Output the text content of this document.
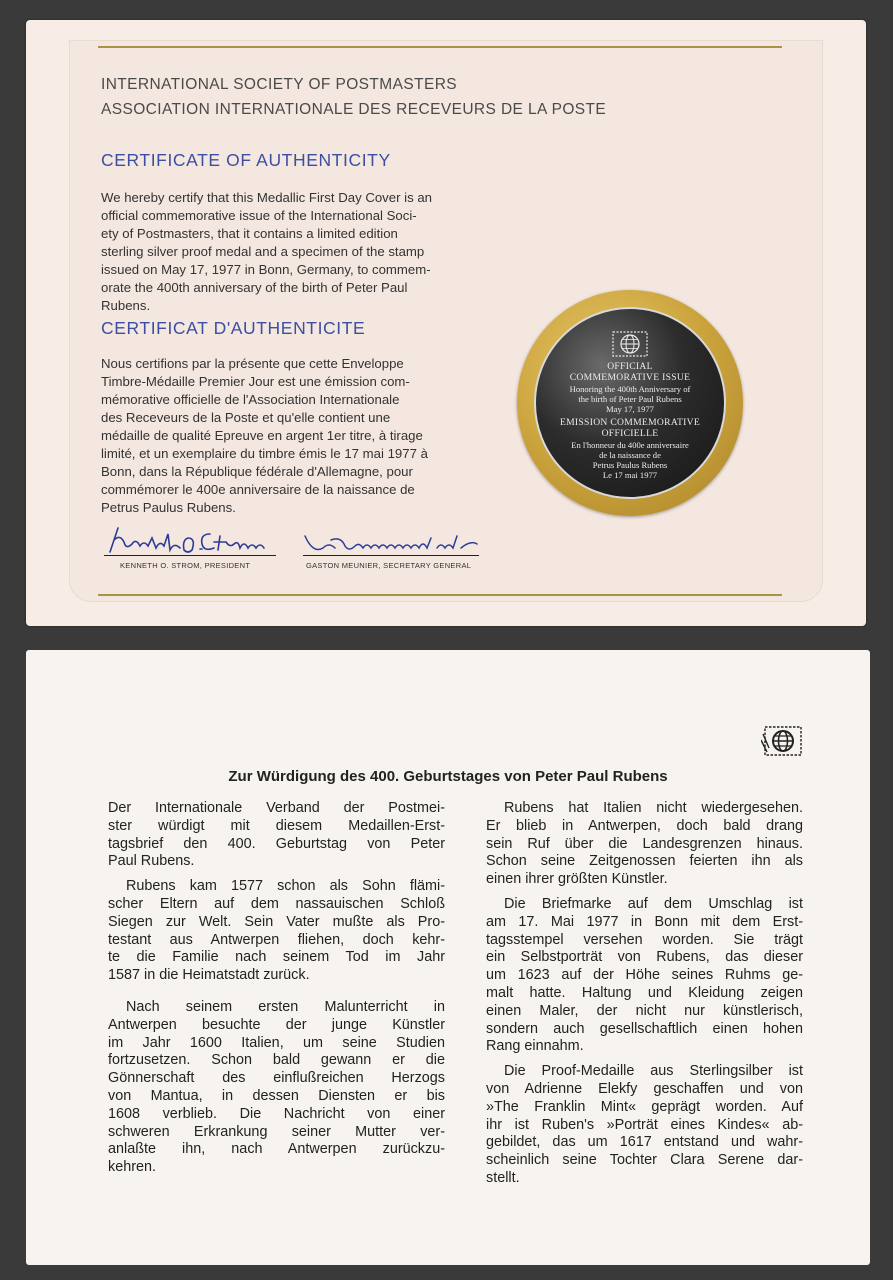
INTERNATIONAL SOCIETY OF POSTMASTERS
ASSOCIATION INTERNATIONALE DES RECEVEURS DE LA POSTE
CERTIFICATE OF AUTHENTICITY
We hereby certify that this Medallic First Day Cover is an
official commemorative issue of the International Soci-
ety of Postmasters, that it contains a limited edition
sterling silver proof medal and a specimen of the stamp
issued on May 17, 1977 in Bonn, Germany, to commem-
orate the 400th anniversary of the birth of Peter Paul
Rubens.
CERTIFICAT D'AUTHENTICITE
Nous certifions par la présente que cette Enveloppe
Timbre-Médaille Premier Jour est une émission com-
mémorative officielle de l'Association Internationale
des Receveurs de la Poste et qu'elle contient une
médaille de qualité Epreuve en argent 1er titre, à tirage
limité, et un exemplaire du timbre émis le 17 mai 1977 à
Bonn, dans la République fédérale d'Allemagne, pour
commémorer le 400e anniversaire de la naissance de
Petrus Paulus Rubens.
OFFICIAL
COMMEMORATIVE ISSUE
Honoring the 400th Anniversary of
the birth of Peter Paul Rubens
May 17, 1977
EMISSION COMMEMORATIVE
OFFICIELLE
En l'honneur du 400e anniversaire
de la naissance de
Petrus Paulus Rubens
Le 17 mai 1977
KENNETH O. STROM, PRESIDENT	GASTON MEUNIER, SECRETARY GENERAL
Zur Würdigung des 400. Geburtstages von Peter Paul Rubens
Der Internationale Verband der Postmei-
ster würdigt mit diesem Medaillen-Erst-
tagsbrief den 400. Geburtstag von Peter
Paul Rubens.
Rubens kam 1577 schon als Sohn flämi-
scher Eltern auf dem nassauischen Schloß
Siegen zur Welt. Sein Vater mußte als Pro-
testant aus Antwerpen fliehen, doch kehr-
te die Familie nach seinem Tod im Jahr
1587 in die Heimatstadt zurück.
Nach seinem ersten Malunterricht in
Antwerpen besuchte der junge Künstler
im Jahr 1600 Italien, um seine Studien
fortzusetzen. Schon bald gewann er die
Gönnerschaft des einflußreichen Herzogs
von Mantua, in dessen Diensten er bis
1608 verblieb. Die Nachricht von einer
schweren Erkrankung seiner Mutter ver-
anlaßte ihn, nach Antwerpen zurückzu-
kehren.
Rubens hat Italien nicht wiedergesehen.
Er blieb in Antwerpen, doch bald drang
sein Ruf über die Landesgrenzen hinaus.
Schon seine Zeitgenossen feierten ihn als
einen ihrer größten Künstler.
Die Briefmarke auf dem Umschlag ist
am 17. Mai 1977 in Bonn mit dem Erst-
tagsstempel versehen worden. Sie trägt
ein Selbstporträt von Rubens, das dieser
um 1623 auf der Höhe seines Ruhms ge-
malt hatte. Haltung und Kleidung zeigen
einen Maler, der nicht nur künstlerisch,
sondern auch gesellschaftlich einen hohen
Rang einnahm.
Die Proof-Medaille aus Sterlingsilber ist
von Adrienne Elekfy geschaffen und von
»The Franklin Mint« geprägt worden. Auf
ihr ist Ruben's »Porträt eines Kindes« ab-
gebildet, das um 1617 entstand und wahr-
scheinlich seine Tochter Clara Serene dar-
stellt.
